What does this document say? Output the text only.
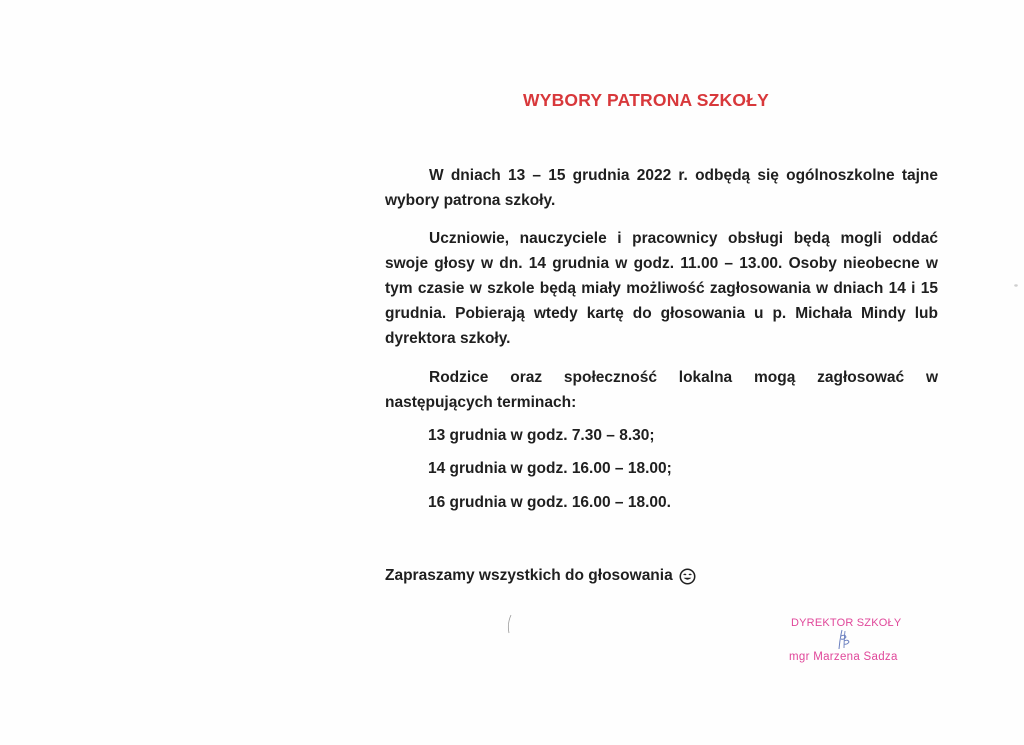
WYBORY PATRONA SZKOŁY

W dniach 13 – 15 grudnia 2022 r. odbędą się ogólnoszkolne tajne wybory patrona szkoły.

Uczniowie, nauczyciele i pracownicy obsługi będą mogli oddać swoje głosy w dn. 14 grudnia w godz. 11.00 – 13.00. Osoby nieobecne w tym czasie w szkole będą miały możliwość zagłosowania w dniach 14 i 15 grudnia. Pobierają wtedy kartę do głosowania u p. Michała Mindy lub dyrektora szkoły.

Rodzice oraz społeczność lokalna mogą zagłosować w następujących terminach:

13 grudnia w godz. 7.30 – 8.30;
14 grudnia w godz. 16.00 – 18.00;
16 grudnia w godz. 16.00 – 18.00.
Zapraszamy wszystkich do głosowania
DYREKTOR SZKOŁY
mgr Marzena Sadza
